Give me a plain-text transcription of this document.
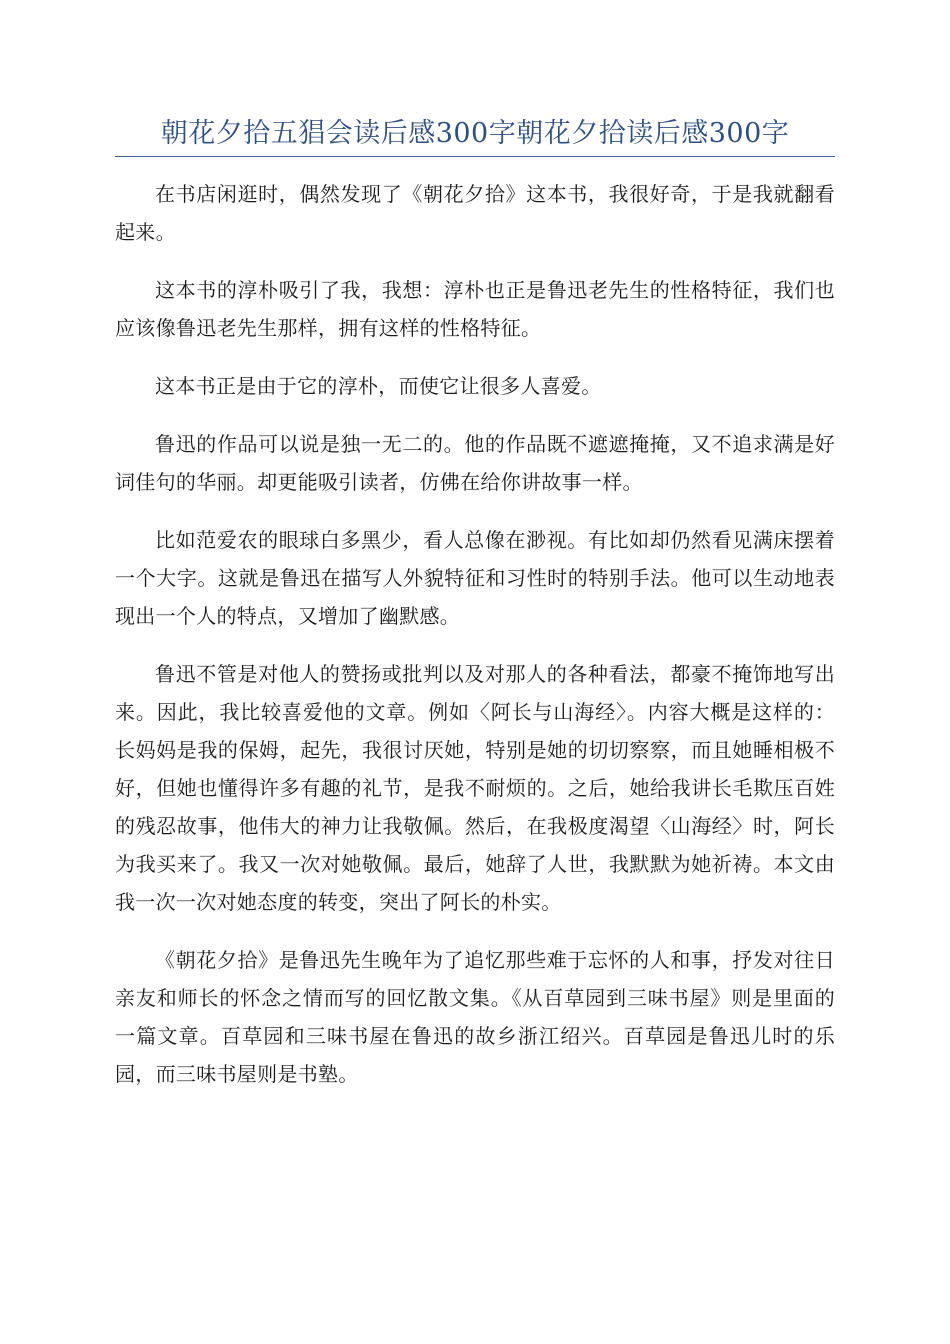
朝花夕拾五猖会读后感300字朝花夕拾读后感300字

在书店闲逛时，偶然发现了《朝花夕拾》这本书，我很好奇，于是我就翻看起来。

这本书的淳朴吸引了我，我想：淳朴也正是鲁迅老先生的性格特征，我们也应该像鲁迅老先生那样，拥有这样的性格特征。

这本书正是由于它的淳朴，而使它让很多人喜爱。

鲁迅的作品可以说是独一无二的。他的作品既不遮遮掩掩，又不追求满是好词佳句的华丽。却更能吸引读者，仿佛在给你讲故事一样。

比如范爱农的眼球白多黑少，看人总像在渺视。有比如却仍然看见满床摆着一个大字。这就是鲁迅在描写人外貌特征和习性时的特别手法。他可以生动地表现出一个人的特点，又增加了幽默感。

鲁迅不管是对他人的赞扬或批判以及对那人的各种看法，都豪不掩饰地写出来。因此，我比较喜爱他的文章。例如〈阿长与山海经〉。内容大概是这样的：长妈妈是我的保姆，起先，我很讨厌她，特别是她的切切察察，而且她睡相极不好，但她也懂得许多有趣的礼节，是我不耐烦的。之后，她给我讲长毛欺压百姓的残忍故事，他伟大的神力让我敬佩。然后，在我极度渴望〈山海经〉时，阿长为我买来了。我又一次对她敬佩。最后，她辞了人世，我默默为她祈祷。本文由我一次一次对她态度的转变，突出了阿长的朴实。

《朝花夕拾》是鲁迅先生晚年为了追忆那些难于忘怀的人和事，抒发对往日亲友和师长的怀念之情而写的回忆散文集。《从百草园到三味书屋》则是里面的一篇文章。百草园和三味书屋在鲁迅的故乡浙江绍兴。百草园是鲁迅儿时的乐园，而三味书屋则是书塾。
